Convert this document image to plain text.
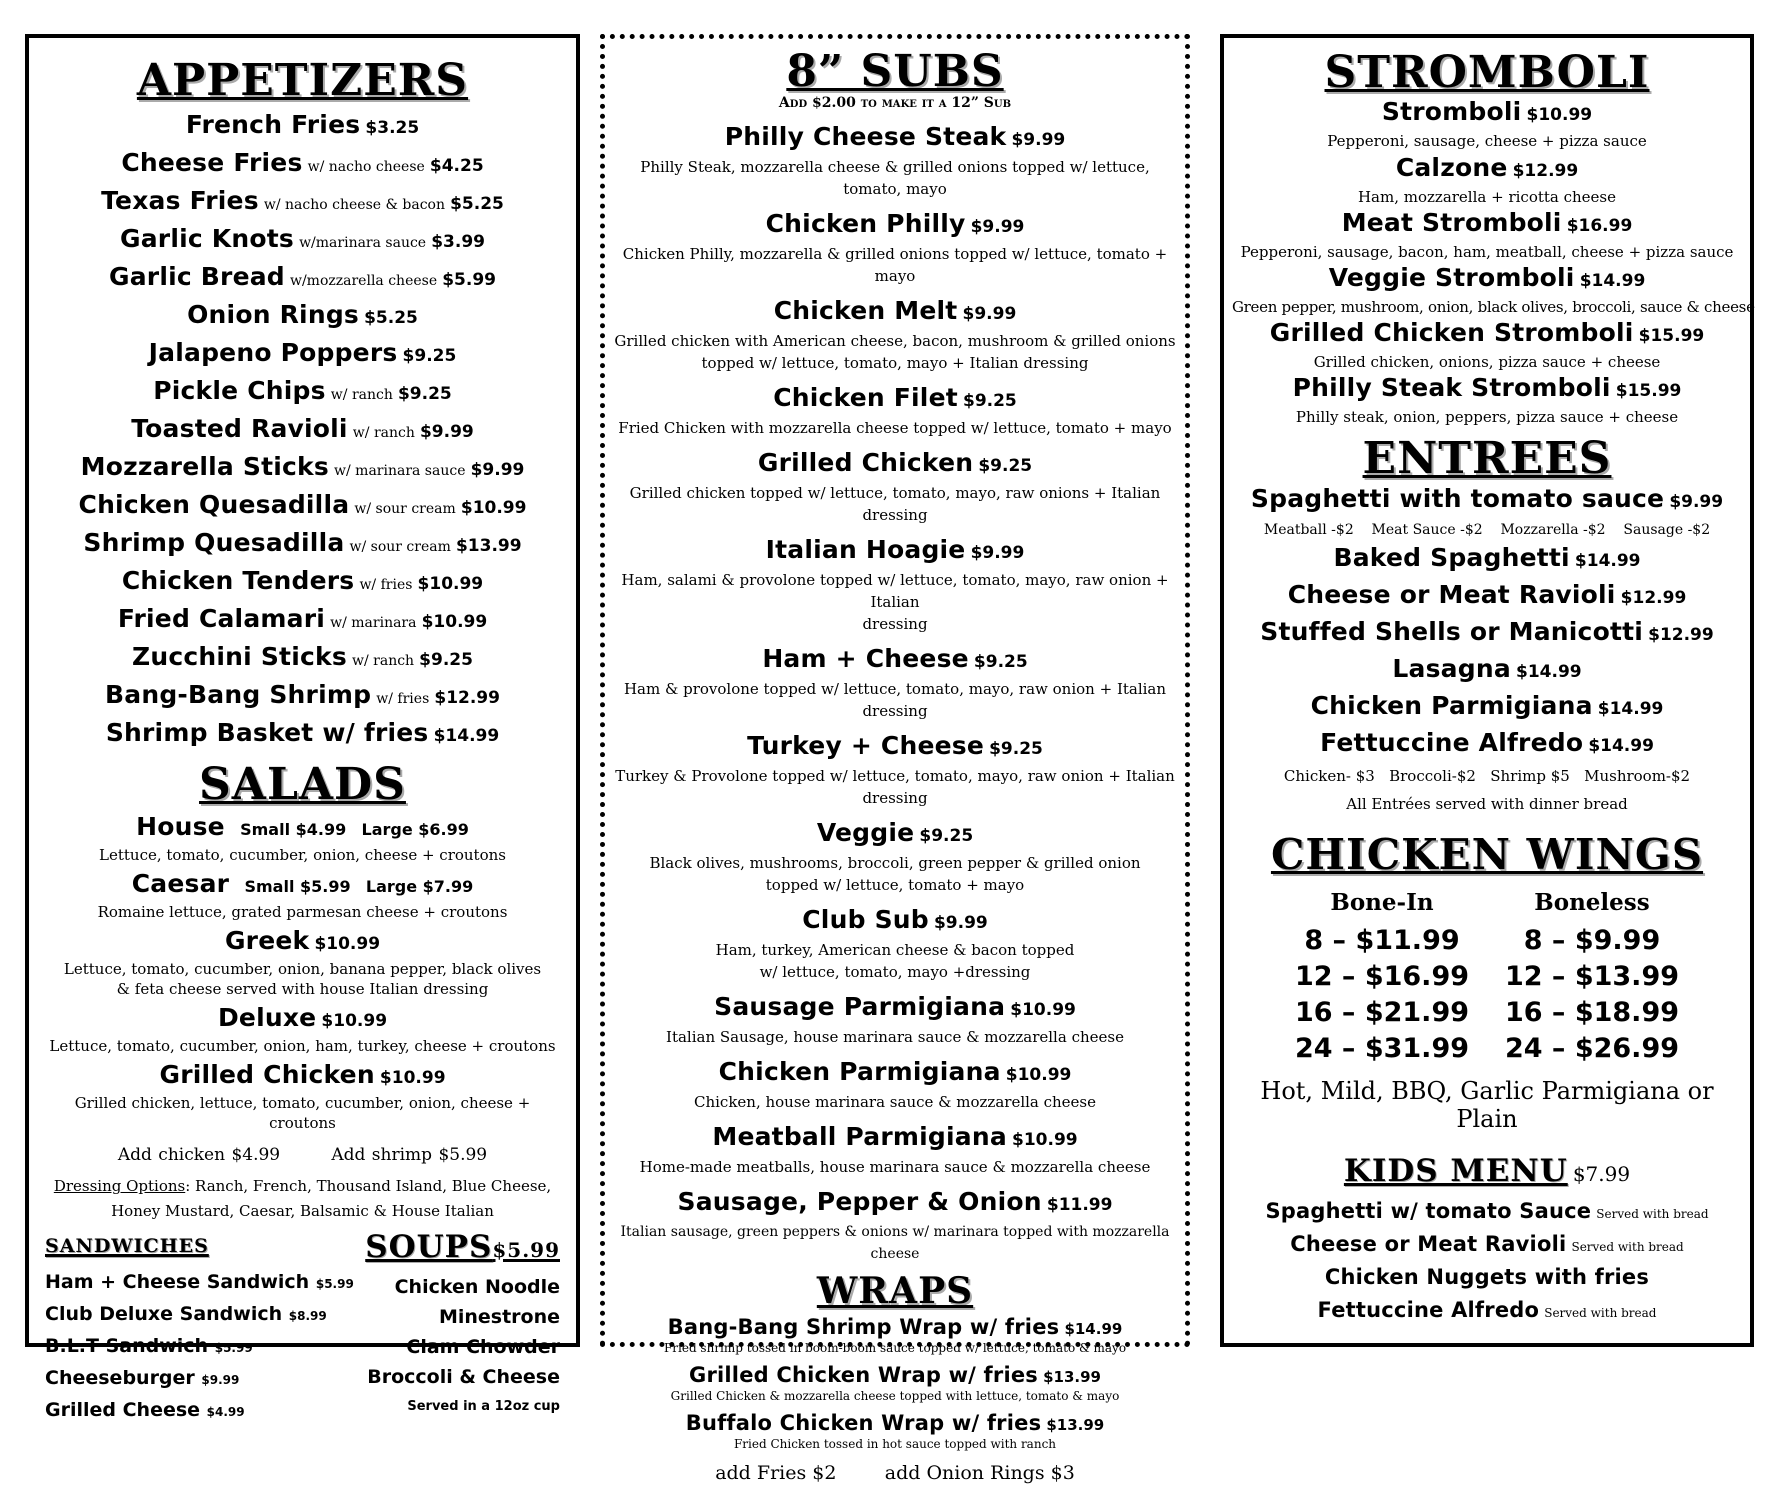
APPETIZERS
French Fries $3.25
Cheese Fries w/ nacho cheese $4.25
Texas Fries w/ nacho cheese & bacon $5.25
Garlic Knots w/marinara sauce $3.99
Garlic Bread w/mozzarella cheese $5.99
Onion Rings $5.25
Jalapeno Poppers $9.25
Pickle Chips w/ ranch $9.25
Toasted Ravioli w/ ranch $9.99
Mozzarella Sticks w/ marinara sauce $9.99
Chicken Quesadilla w/ sour cream $10.99
Shrimp Quesadilla w/ sour cream $13.99
Chicken Tenders w/ fries $10.99
Fried Calamari w/ marinara $10.99
Zucchini Sticks w/ ranch $9.25
Bang-Bang Shrimp w/ fries $12.99
Shrimp Basket w/ fries $14.99
SALADS
House Small $4.99 Large $6.99
Lettuce, tomato, cucumber, onion, cheese + croutons
Caesar Small $5.99 Large $7.99
Romaine lettuce, grated parmesan cheese + croutons
Greek $10.99
Lettuce, tomato, cucumber, onion, banana pepper, black olives
& feta cheese served with house Italian dressing
Deluxe $10.99
Lettuce, tomato, cucumber, onion, ham, turkey, cheese + croutons
Grilled Chicken $10.99
Grilled chicken, lettuce, tomato, cucumber, onion, cheese + croutons
Add chicken $4.99	Add shrimp $5.99
Dressing Options: Ranch, French, Thousand Island, Blue Cheese,
Honey Mustard, Caesar, Balsamic & House Italian
SANDWICHES
Ham + Cheese Sandwich $5.99
Club Deluxe Sandwich $8.99
B.L.T Sandwich $5.99
Cheeseburger $9.99
Grilled Cheese $4.99
SOUPS$5.99
Chicken Noodle
Minestrone
Clam Chowder
Broccoli & Cheese
Served in a 12oz cup
8” SUBS
Add $2.00 to make it a 12” Sub
Philly Cheese Steak $9.99
Philly Steak, mozzarella cheese & grilled onions topped w/ lettuce, tomato, mayo
Chicken Philly $9.99
Chicken Philly, mozzarella & grilled onions topped w/ lettuce, tomato + mayo
Chicken Melt $9.99
Grilled chicken with American cheese, bacon, mushroom & grilled onions
topped w/ lettuce, tomato, mayo + Italian dressing
Chicken Filet $9.25
Fried Chicken with mozzarella cheese topped w/ lettuce, tomato + mayo
Grilled Chicken $9.25
Grilled chicken topped w/ lettuce, tomato, mayo, raw onions + Italian dressing
Italian Hoagie $9.99
Ham, salami & provolone topped w/ lettuce, tomato, mayo, raw onion + Italian
dressing
Ham + Cheese $9.25
Ham & provolone topped w/ lettuce, tomato, mayo, raw onion + Italian dressing
Turkey + Cheese $9.25
Turkey & Provolone topped w/ lettuce, tomato, mayo, raw onion + Italian dressing
Veggie $9.25
Black olives, mushrooms, broccoli, green pepper & grilled onion
topped w/ lettuce, tomato + mayo
Club Sub $9.99
Ham, turkey, American cheese & bacon topped
w/ lettuce, tomato, mayo +dressing
Sausage Parmigiana $10.99
Italian Sausage, house marinara sauce & mozzarella cheese
Chicken Parmigiana $10.99
Chicken, house marinara sauce & mozzarella cheese
Meatball Parmigiana $10.99
Home-made meatballs, house marinara sauce & mozzarella cheese
Sausage, Pepper & Onion $11.99
Italian sausage, green peppers & onions w/ marinara topped with mozzarella cheese
WRAPS
Bang-Bang Shrimp Wrap w/ fries $14.99
Fried shrimp tossed in boom-boom sauce topped w/ lettuce, tomato & mayo
Grilled Chicken Wrap w/ fries $13.99
Grilled Chicken & mozzarella cheese topped with lettuce, tomato & mayo
Buffalo Chicken Wrap w/ fries $13.99
Fried Chicken tossed in hot sauce topped with ranch
add Fries $2	add Onion Rings $3
STROMBOLI
Stromboli $10.99
Pepperoni, sausage, cheese + pizza sauce
Calzone $12.99
Ham, mozzarella + ricotta cheese
Meat Stromboli $16.99
Pepperoni, sausage, bacon, ham, meatball, cheese + pizza sauce
Veggie Stromboli $14.99
Green pepper, mushroom, onion, black olives, broccoli, sauce & cheese
Grilled Chicken Stromboli $15.99
Grilled chicken, onions, pizza sauce + cheese
Philly Steak Stromboli $15.99
Philly steak, onion, peppers, pizza sauce + cheese
ENTREES
Spaghetti with tomato sauce $9.99
Meatball -$2    Meat Sauce -$2    Mozzarella -$2    Sausage -$2
Baked Spaghetti $14.99
Cheese or Meat Ravioli $12.99
Stuffed Shells or Manicotti $12.99
Lasagna $14.99
Chicken Parmigiana $14.99
Fettuccine Alfredo $14.99
Chicken- $3   Broccoli-$2   Shrimp $5   Mushroom-$2
All Entrées served with dinner bread
CHICKEN WINGS
Bone-In	Boneless
8 – $11.99	8 – $9.99
12 – $16.99	12 – $13.99
16 – $21.99	16 – $18.99
24 – $31.99	24 – $26.99
Hot, Mild, BBQ, Garlic Parmigiana or Plain
KIDS MENU $7.99
Spaghetti w/ tomato Sauce Served with bread
Cheese or Meat Ravioli Served with bread
Chicken Nuggets with fries
Fettuccine Alfredo Served with bread
